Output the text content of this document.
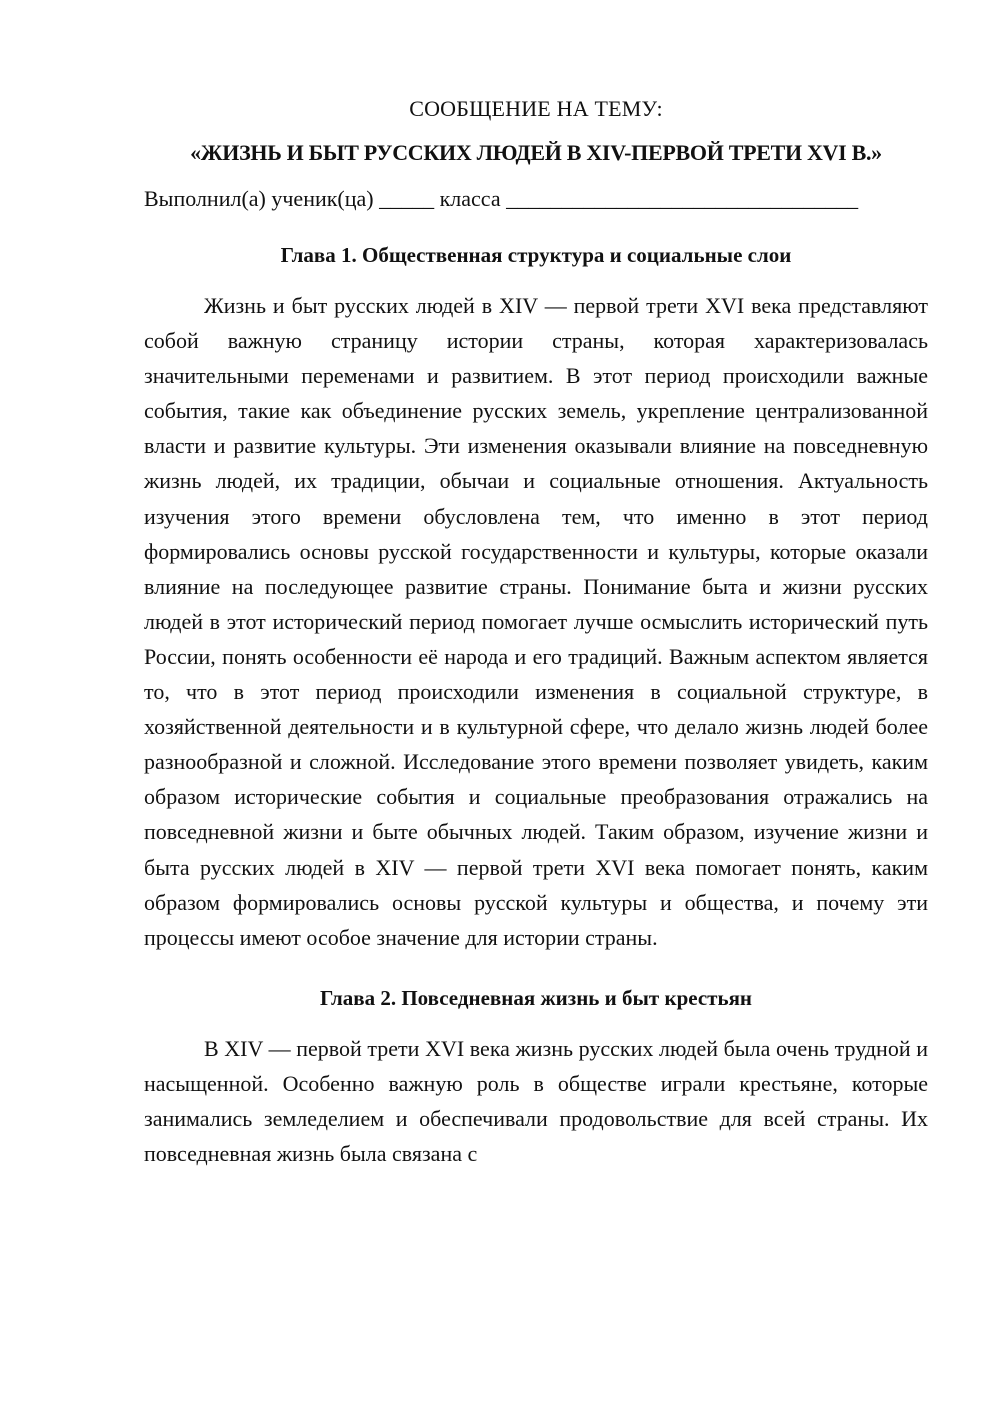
СООБЩЕНИЕ НА ТЕМУ:

«ЖИЗНЬ И БЫТ РУССКИХ ЛЮДЕЙ В XIV-ПЕРВОЙ ТРЕТИ XVI В.»

Выполнил(а) ученик(ца) _____ класса ________________________________

Глава 1. Общественная структура и социальные слои

Жизнь и быт русских людей в XIV — первой трети XVI века представляют собой важную страницу истории страны, которая характеризовалась значительными переменами и развитием. В этот период происходили важные события, такие как объединение русских земель, укрепление централизованной власти и развитие культуры. Эти изменения оказывали влияние на повседневную жизнь людей, их традиции, обычаи и социальные отношения. Актуальность изучения этого времени обусловлена тем, что именно в этот период формировались основы русской государственности и культуры, которые оказали влияние на последующее развитие страны. Понимание быта и жизни русских людей в этот исторический период помогает лучше осмыслить исторический путь России, понять особенности её народа и его традиций. Важным аспектом является то, что в этот период происходили изменения в социальной структуре, в хозяйственной деятельности и в культурной сфере, что делало жизнь людей более разнообразной и сложной. Исследование этого времени позволяет увидеть, каким образом исторические события и социальные преобразования отражались на повседневной жизни и быте обычных людей. Таким образом, изучение жизни и быта русских людей в XIV — первой трети XVI века помогает понять, каким образом формировались основы русской культуры и общества, и почему эти процессы имеют особое значение для истории страны.

Глава 2. Повседневная жизнь и быт крестьян

В XIV — первой трети XVI века жизнь русских людей была очень трудной и насыщенной. Особенно важную роль в обществе играли крестьяне, которые занимались земледелием и обеспечивали продовольствие для всей страны. Их повседневная жизнь была связана с
